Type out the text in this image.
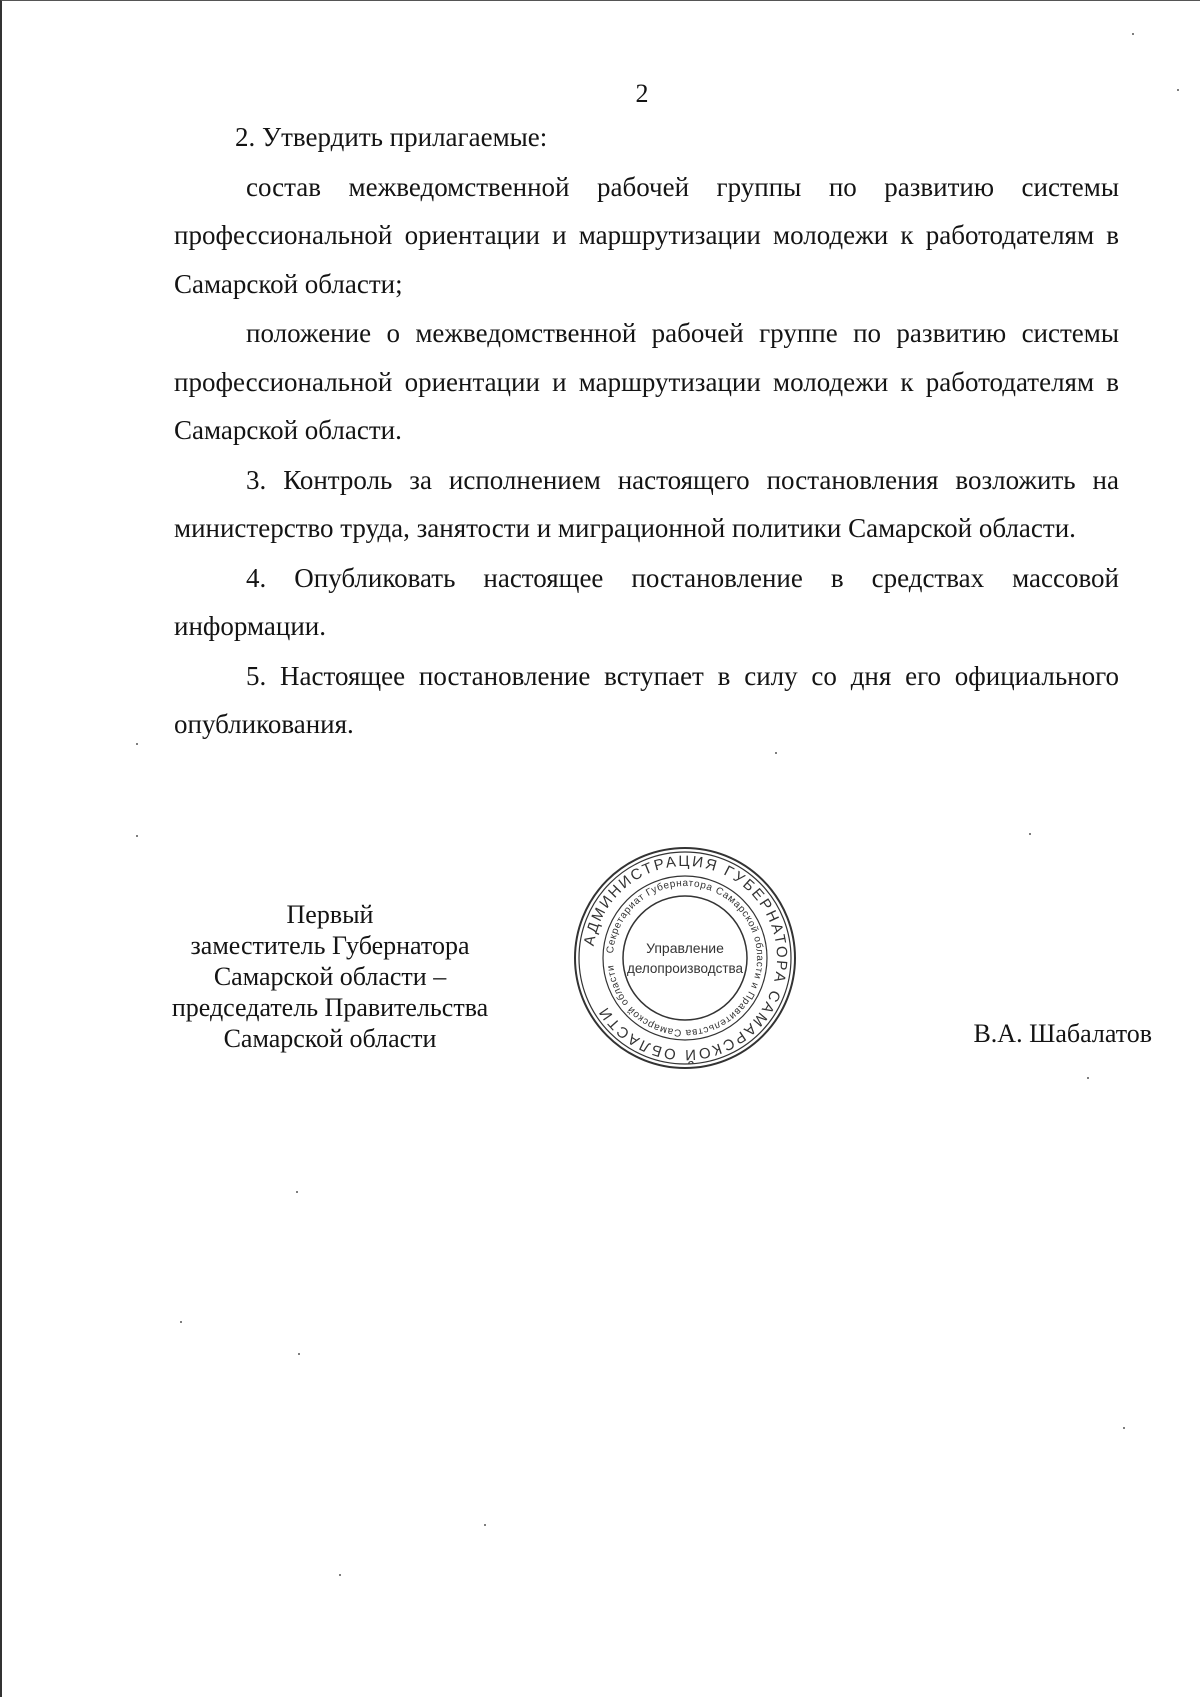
2

2. Утвердить прилагаемые:

состав межведомственной рабочей группы по развитию системы профессиональной ориентации и маршрутизации молодежи к работодателям в Самарской области;

положение о межведомственной рабочей группе по развитию системы профессиональной ориентации и маршрутизации молодежи к работодателям в Самарской области.

3. Контроль за исполнением настоящего постановления возложить на министерство труда, занятости и миграционной политики Самарской области.

4. Опубликовать настоящее постановление в средствах массовой информации.

5. Настоящее постановление вступает в силу со дня его официального опубликования.

Первый
заместитель Губернатора
Самарской области –
председатель Правительства
Самарской области
АДМИНИСТРАЦИЯ ГУБЕРНАТОРА САМАРСКОЙ ОБЛАСТИ
Секретариат Губернатора Самарской области и Правительства Самарской области
Управление
делопроизводства
В.А. Шабалатов
